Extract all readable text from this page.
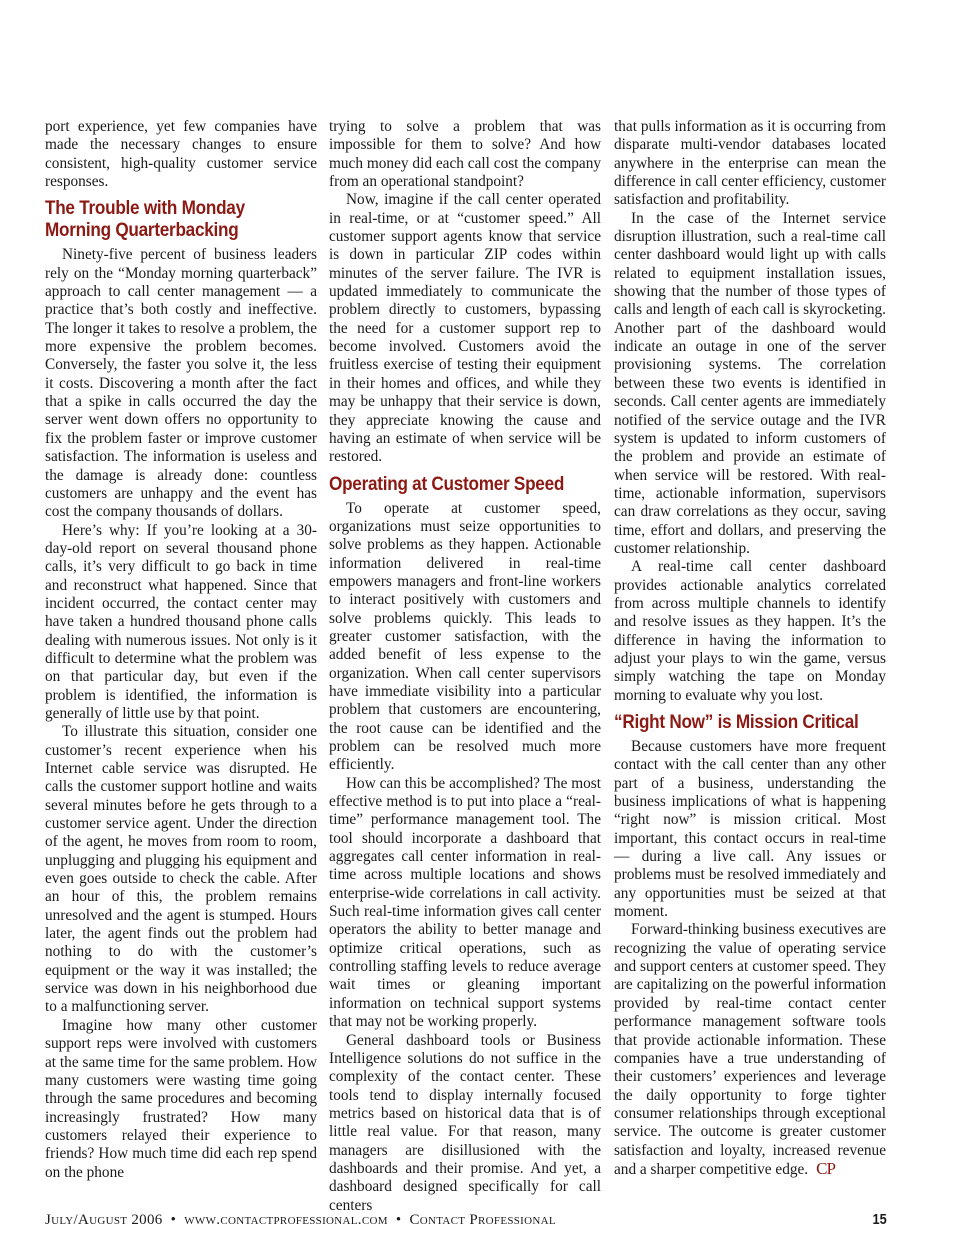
port experience, yet few companies have made the necessary changes to ensure consistent, high-quality customer service responses.

The Trouble with Monday
Morning Quarterbacking

Ninety-five percent of business leaders rely on the “Monday morning quarterback” approach to call center management — a practice that’s both costly and ineffective. The longer it takes to resolve a problem, the more expensive the problem becomes. Conversely, the faster you solve it, the less it costs. Discovering a month after the fact that a spike in calls occurred the day the server went down offers no opportunity to fix the problem faster or improve customer satisfaction. The information is useless and the damage is already done: countless customers are unhappy and the event has cost the company thousands of dollars.

Here’s why: If you’re looking at a 30-day-old report on several thousand phone calls, it’s very difficult to go back in time and reconstruct what happened. Since that incident occurred, the contact center may have taken a hundred thousand phone calls dealing with numerous issues. Not only is it difficult to determine what the problem was on that particular day, but even if the problem is identified, the information is generally of little use by that point.

To illustrate this situation, consider one customer’s recent experience when his Internet cable service was disrupted. He calls the customer support hotline and waits several minutes before he gets through to a customer service agent. Under the direction of the agent, he moves from room to room, unplugging and plugging his equipment and even goes outside to check the cable. After an hour of this, the problem remains unresolved and the agent is stumped. Hours later, the agent finds out the problem had nothing to do with the customer’s equipment or the way it was installed; the service was down in his neighborhood due to a malfunctioning server.

Imagine how many other customer support reps were involved with customers at the same time for the same problem. How many customers were wasting time going through the same procedures and becoming increasingly frustrated? How many customers relayed their experience to friends? How much time did each rep spend on the phone

trying to solve a problem that was impossible for them to solve? And how much money did each call cost the company from an operational standpoint?

Now, imagine if the call center operated in real-time, or at “customer speed.” All customer support agents know that service is down in particular ZIP codes within minutes of the server failure. The IVR is updated immediately to communicate the problem directly to customers, bypassing the need for a customer support rep to become involved. Customers avoid the fruitless exercise of testing their equipment in their homes and offices, and while they may be unhappy that their service is down, they appreciate knowing the cause and having an estimate of when service will be restored.

Operating at Customer Speed

To operate at customer speed, organizations must seize opportunities to solve problems as they happen. Actionable information delivered in real-time empowers managers and front-line workers to interact positively with customers and solve problems quickly. This leads to greater customer satisfaction, with the added benefit of less expense to the organization. When call center supervisors have immediate visibility into a particular problem that customers are encountering, the root cause can be identified and the problem can be resolved much more efficiently.

How can this be accomplished? The most effective method is to put into place a “real-time” performance management tool. The tool should incorporate a dashboard that aggregates call center information in real-time across multiple locations and shows enterprise-wide correlations in call activity. Such real-time information gives call center operators the ability to better manage and optimize critical operations, such as controlling staffing levels to reduce average wait times or gleaning important information on technical support systems that may not be working properly.

General dashboard tools or Business Intelligence solutions do not suffice in the complexity of the contact center. These tools tend to display internally focused metrics based on historical data that is of little real value. For that reason, many managers are disillusioned with the dashboards and their promise. And yet, a dashboard designed specifically for call centers

that pulls information as it is occurring from disparate multi-vendor databases located anywhere in the enterprise can mean the difference in call center efficiency, customer satisfaction and profitability.

In the case of the Internet service disruption illustration, such a real-time call center dashboard would light up with calls related to equipment installation issues, showing that the number of those types of calls and length of each call is skyrocketing. Another part of the dashboard would indicate an outage in one of the server provisioning systems. The correlation between these two events is identified in seconds. Call center agents are immediately notified of the service outage and the IVR system is updated to inform customers of the problem and provide an estimate of when service will be restored. With real-time, actionable information, supervisors can draw correlations as they occur, saving time, effort and dollars, and preserving the customer relationship.

A real-time call center dashboard provides actionable analytics correlated from across multiple channels to identify and resolve issues as they happen. It’s the difference in having the information to adjust your plays to win the game, versus simply watching the tape on Monday morning to evaluate why you lost.

“Right Now” is Mission Critical

Because customers have more frequent contact with the call center than any other part of a business, understanding the business implications of what is happening “right now” is mission critical. Most important, this contact occurs in real-time — during a live call. Any issues or problems must be resolved immediately and any opportunities must be seized at that moment.

Forward-thinking business executives are recognizing the value of operating service and support centers at customer speed. They are capitalizing on the powerful information provided by real-time contact center performance management software tools that provide actionable information. These companies have a true understanding of their customers’ experiences and leverage the daily opportunity to forge tighter consumer relationships through exceptional service. The outcome is greater customer satisfaction and loyalty, increased revenue and a sharper competitive edge. CP

July/August 2006 • www.contactprofessional.com • Contact Professional	15
